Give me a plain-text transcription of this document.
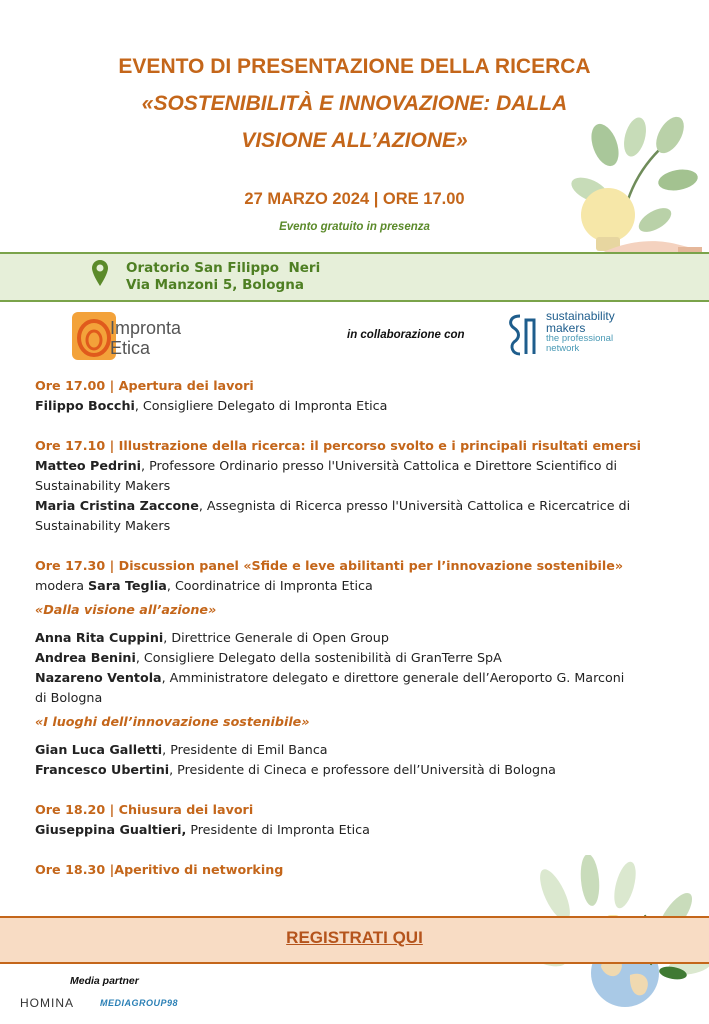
EVENTO DI PRESENTAZIONE DELLA RICERCA
«SOSTENIBILITÀ E INNOVAZIONE: DALLA
VISIONE ALL’AZIONE»
27 MARZO 2024 | ORE 17.00
Evento gratuito in presenza
Oratorio San Filippo  Neri
Via Manzoni 5, Bologna
Impronta
Etica
in collaborazione con
sustainability
makers
the professional
network
Ore 17.00 | Apertura dei lavori
Filippo Bocchi, Consigliere Delegato di Impronta Etica
Ore 17.10 | Illustrazione della ricerca: il percorso svolto e i principali risultati emersi
Matteo Pedrini, Professore Ordinario presso l'Università Cattolica e Direttore Scientifico di
Sustainability Makers
Maria Cristina Zaccone, Assegnista di Ricerca presso l'Università Cattolica e Ricercatrice di
Sustainability Makers
Ore 17.30 | Discussion panel «Sfide e leve abilitanti per l’innovazione sostenibile»
modera Sara Teglia, Coordinatrice di Impronta Etica
«Dalla visione all’azione»
Anna Rita Cuppini, Direttrice Generale di Open Group
Andrea Benini, Consigliere Delegato della sostenibilità di GranTerre SpA
Nazareno Ventola, Amministratore delegato e direttore generale dell’Aeroporto G. Marconi
di Bologna
«I luoghi dell’innovazione sostenibile»
Gian Luca Galletti, Presidente di Emil Banca
Francesco Ubertini, Presidente di Cineca e professore dell’Università di Bologna
Ore 18.20 | Chiusura dei lavori
Giuseppina Gualtieri, Presidente di Impronta Etica
Ore 18.30 |Aperitivo di networking
REGISTRATI QUI
Media partner
HOMINA	MEDIAGROUP98
